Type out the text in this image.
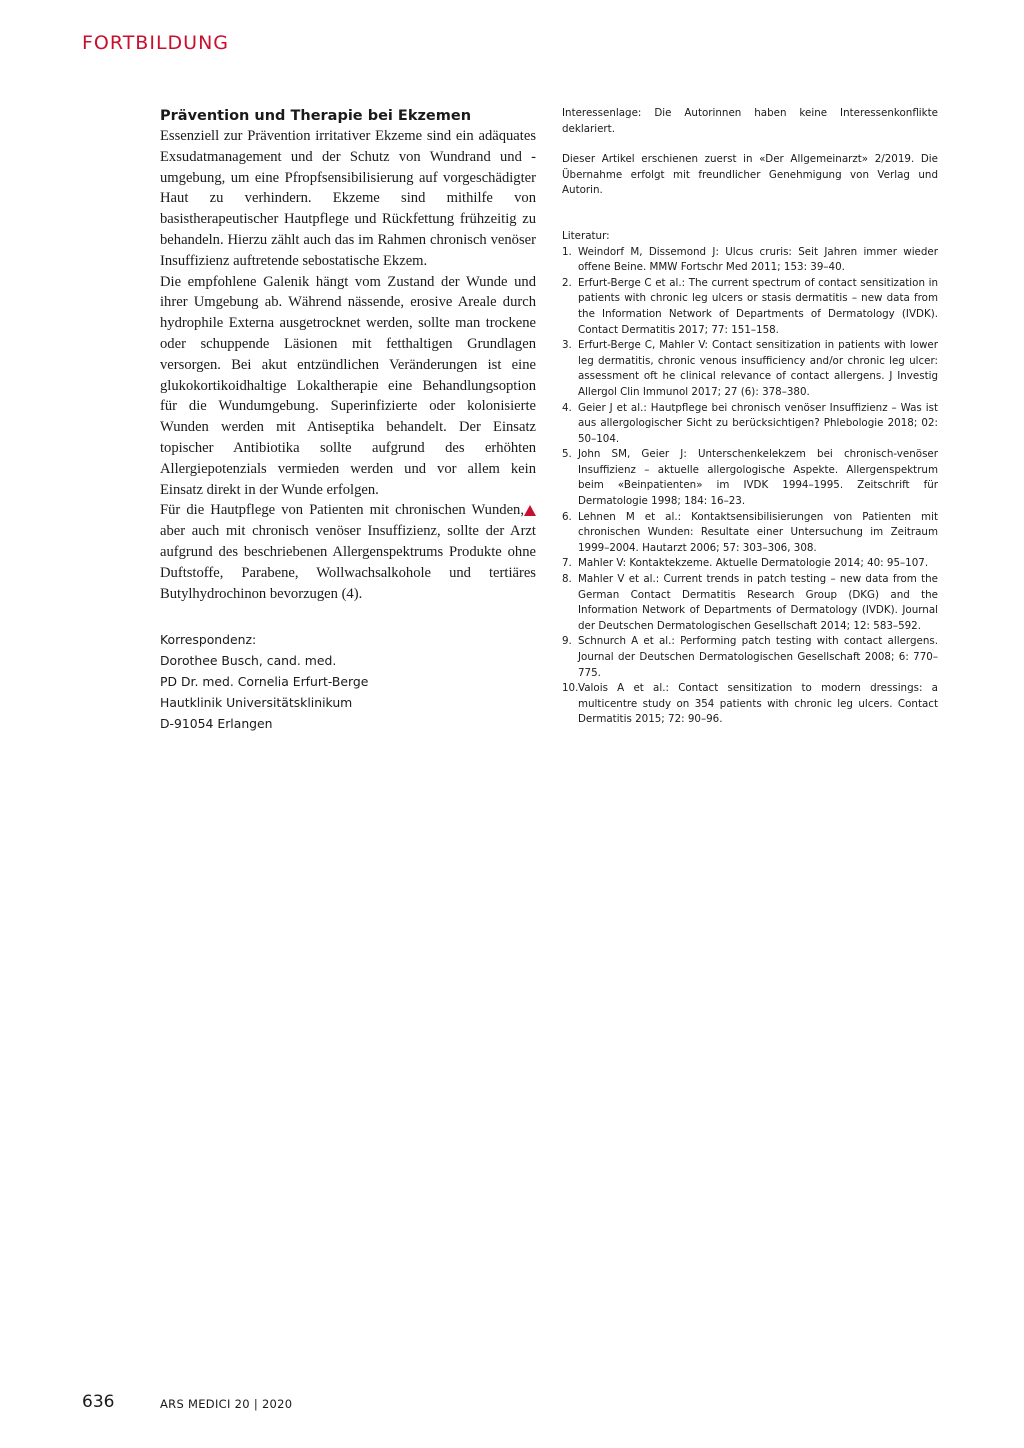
FORTBILDUNG
Prävention und Therapie bei Ekzemen

Essenziell zur Prävention irritativer Ekzeme sind ein adäquates Exsudatmanagement und der Schutz von Wundrand und -umgebung, um eine Pfropfsensibilisierung auf vorgeschädigter Haut zu verhindern. Ekzeme sind mithilfe von basistherapeutischer Hautpflege und Rückfettung frühzeitig zu behandeln. Hierzu zählt auch das im Rahmen chronisch venöser Insuffizienz auftretende sebostatische Ekzem.

Die empfohlene Galenik hängt vom Zustand der Wunde und ihrer Umgebung ab. Während nässende, erosive Areale durch hydrophile Externa ausgetrocknet werden, sollte man trockene oder schuppende Läsionen mit fetthaltigen Grundlagen versorgen. Bei akut entzündlichen Veränderungen ist eine glukokortikoidhaltige Lokaltherapie eine Behandlungsoption für die Wundumgebung. Superinfizierte oder kolonisierte Wunden werden mit Antiseptika behandelt. Der Einsatz topischer Antibiotika sollte aufgrund des erhöhten Allergiepotenzials vermieden werden und vor allem kein Einsatz direkt in der Wunde erfolgen.

Für die Hautpflege von Patienten mit chronischen Wunden, aber auch mit chronisch venöser Insuffizienz, sollte der Arzt aufgrund des beschriebenen Allergenspektrums Produkte ohne Duftstoffe, Parabene, Wollwachsalkohole und tertiäres Butylhydrochinon bevorzugen (4).

Korrespondenz:
Dorothee Busch, cand. med.
PD Dr. med. Cornelia Erfurt-Berge
Hautklinik Universitätsklinikum
D-91054 Erlangen

Interessenlage: Die Autorinnen haben keine Interessenkonflikte deklariert.

Dieser Artikel erschienen zuerst in «Der Allgemeinarzt» 2/2019. Die Übernahme erfolgt mit freundlicher Genehmigung von Verlag und Autorin.

Literatur:
1. Weindorf M, Dissemond J: Ulcus cruris: Seit Jahren immer wieder offene Beine. MMW Fortschr Med 2011; 153: 39–40.
2. Erfurt-Berge C et al.: The current spectrum of contact sensitization in patients with chronic leg ulcers or stasis dermatitis – new data from the Information Network of Departments of Dermatology (IVDK). Contact Dermatitis 2017; 77: 151–158.
3. Erfurt-Berge C, Mahler V: Contact sensitization in patients with lower leg dermatitis, chronic venous insufficiency and/or chronic leg ulcer: assessment oft he clinical relevance of contact allergens. J Investig Allergol Clin Immunol 2017; 27 (6): 378–380.
4. Geier J et al.: Hautpflege bei chronisch venöser Insuffizienz – Was ist aus allergologischer Sicht zu berücksichtigen? Phlebologie 2018; 02: 50–104.
5. John SM, Geier J: Unterschenkelekzem bei chronisch-venöser Insuffizienz – aktuelle allergologische Aspekte. Allergenspektrum beim «Beinpatienten» im IVDK 1994–1995. Zeitschrift für Dermatologie 1998; 184: 16–23.
6. Lehnen M et al.: Kontaktsensibilisierungen von Patienten mit chronischen Wunden: Resultate einer Untersuchung im Zeitraum 1999–2004. Hautarzt 2006; 57: 303–306, 308.
7. Mahler V: Kontaktekzeme. Aktuelle Dermatologie 2014; 40: 95–107.
8. Mahler V et al.: Current trends in patch testing – new data from the German Contact Dermatitis Research Group (DKG) and the Information Network of Departments of Dermatology (IVDK). Journal der Deutschen Dermatologischen Gesellschaft 2014; 12: 583–592.
9. Schnurch A et al.: Performing patch testing with contact allergens. Journal der Deutschen Dermatologischen Gesellschaft 2008; 6: 770–775.
10. Valois A et al.: Contact sensitization to modern dressings: a multicentre study on 354 patients with chronic leg ulcers. Contact Dermatitis 2015; 72: 90–96.
636	ARS MEDICI 20 | 2020
